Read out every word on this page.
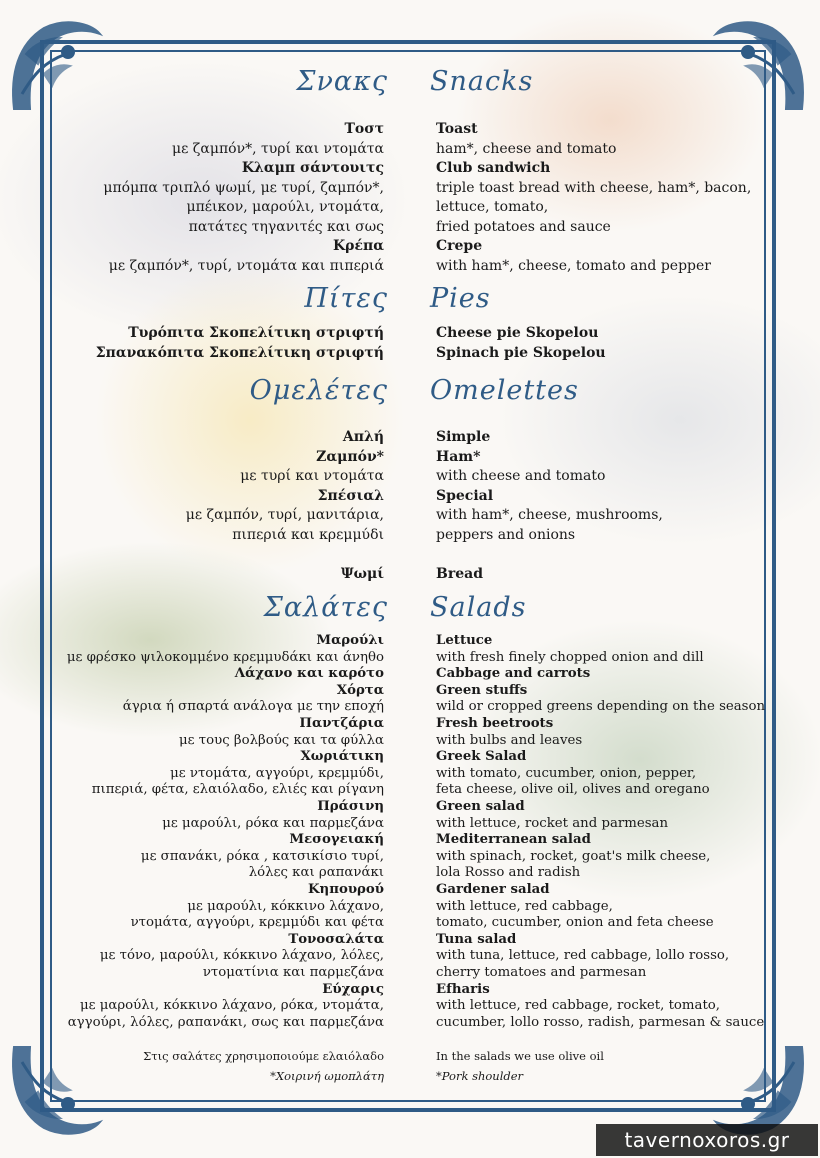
Σνακς Snacks
Πίτες Pies
Ομελέτες Omelettes
Σαλάτες Salads
Τοστ
με ζαμπόν*, τυρί και ντομάτα
Κλαμπ σάντουιτς
μπόμπα τριπλό ψωμί, με τυρί, ζαμπόν*,
μπέικον, μαρούλι, ντομάτα,
πατάτες τηγανιτές και σως
Κρέπα
με ζαμπόν*, τυρί, ντομάτα και πιπεριά
Toast
ham*, cheese and tomato
Club sandwich
triple toast bread with cheese, ham*, bacon,
lettuce, tomato,
fried potatoes and sauce
Crepe
with ham*, cheese, tomato and pepper
Τυρόπιτα Σκοπελίτικη στριφτή
Σπανακόπιτα Σκοπελίτικη στριφτή
Cheese pie Skopelou
Spinach pie Skopelou
Απλή
Ζαμπόν*
με τυρί και ντομάτα
Σπέσιαλ
με ζαμπόν, τυρί, μανιτάρια,
πιπεριά και κρεμμύδι
Ψωμί
Simple
Ham*
with cheese and tomato
Special
with ham*, cheese, mushrooms,
peppers and onions
Bread
Μαρούλι
με φρέσκο ψιλοκομμένο κρεμμυδάκι και άνηθο
Λάχανο και καρότο
Χόρτα
άγρια ή σπαρτά ανάλογα με την εποχή
Παντζάρια
με τους βολβούς και τα φύλλα
Χωριάτικη
με ντομάτα, αγγούρι, κρεμμύδι,
πιπεριά, φέτα, ελαιόλαδο, ελιές και ρίγανη
Πράσινη
με μαρούλι, ρόκα και παρμεζάνα
Μεσογειακή
με σπανάκι, ρόκα , κατσικίσιο τυρί,
λόλες και ραπανάκι
Κηπουρού
με μαρούλι, κόκκινο λάχανο,
ντομάτα, αγγούρι, κρεμμύδι και φέτα
Τονοσαλάτα
με τόνο, μαρούλι, κόκκινο λάχανο, λόλες,
ντοματίνια και παρμεζάνα
Εύχαρις
με μαρούλι, κόκκινο λάχανο, ρόκα, ντομάτα,
αγγούρι, λόλες, ραπανάκι, σως και παρμεζάνα
Lettuce
with fresh finely chopped onion and dill
Cabbage and carrots
Green stuffs
wild or cropped greens depending on the season
Fresh beetroots
with bulbs and leaves
Greek Salad
with tomato, cucumber, onion, pepper,
feta cheese, olive oil, olives and oregano
Green salad
with lettuce, rocket and parmesan
Mediterranean salad
with spinach, rocket, goat's milk cheese,
lola Rosso and radish
Gardener salad
with lettuce, red cabbage,
tomato, cucumber, onion and feta cheese
Tuna salad
with tuna, lettuce, red cabbage, lollo rosso,
cherry tomatoes and parmesan
Efharis
with lettuce, red cabbage, rocket, tomato,
cucumber, lollo rosso, radish, parmesan & sauce
Στις σαλάτες χρησιμοποιούμε ελαιόλαδο	In the salads we use olive oil
*Χοιρινή ωμοπλάτη	*Pork shoulder
tavernoxoros.gr
